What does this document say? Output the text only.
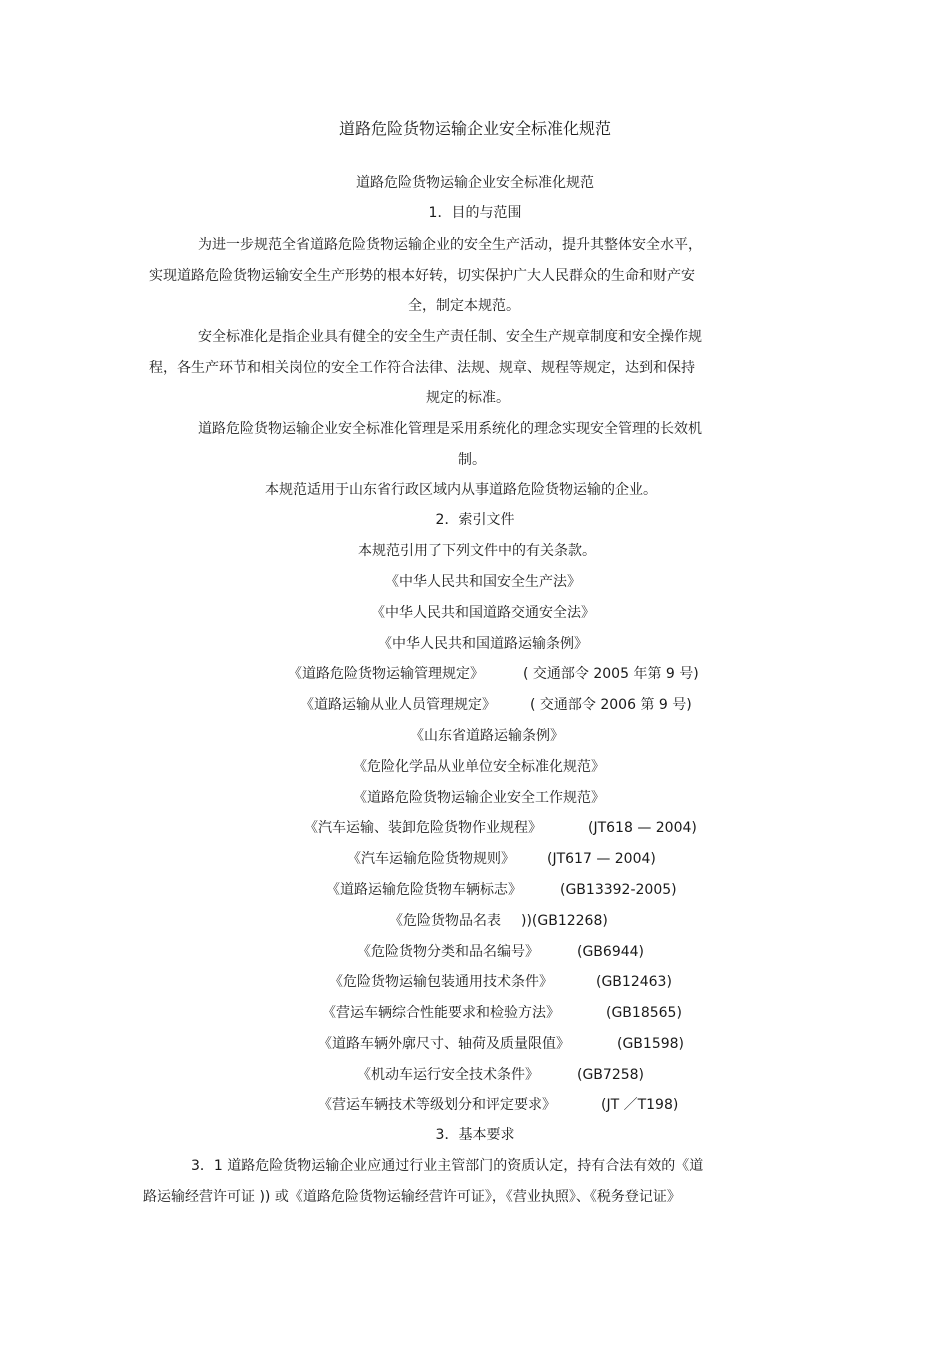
道路危险货物运输企业安全标准化规范
道路危险货物运输企业安全标准化规范
1．目的与范围
为进一步规范全省道路危险货物运输企业的安全生产活动，提升其整体安全水平，
实现道路危险货物运输安全生产形势的根本好转，切实保护广大人民群众的生命和财产安
全，制定本规范。
安全标准化是指企业具有健全的安全生产责任制、安全生产规章制度和安全操作规
程，各生产环节和相关岗位的安全工作符合法律、法规、规章、规程等规定，达到和保持
规定的标准。
道路危险货物运输企业安全标准化管理是采用系统化的理念实现安全管理的长效机
制。
本规范适用于山东省行政区域内从事道路危险货物运输的企业。
2．索引文件
本规范引用了下列文件中的有关条款。
《中华人民共和国安全生产法》
《中华人民共和国道路交通安全法》
《中华人民共和国道路运输条例》
《道路危险货物运输管理规定》	( 交通部令 2005 年第 9 号)
《道路运输从业人员管理规定》 ( 交通部令 2006 第 9 号)
《山东省道路运输条例》
《危险化学品从业单位安全标准化规范》
《道路危险货物运输企业安全工作规范》
《汽车运输、装卸危险货物作业规程》	(JT618 — 2004)
《汽车运输危险货物规则》 (JT617 — 2004)
《道路运输危险货物车辆标志》	(GB13392-2005)
《危险货物品名表 ))(GB12268)
《危险货物分类和品名编号》	(GB6944)
《危险货物运输包装通用技术条件》	(GB12463)
《营运车辆综合性能要求和检验方法》	(GB18565)
《道路车辆外廓尺寸、轴荷及质量限值》	(GB1598)
《机动车运行安全技术条件》	(GB7258)
《营运车辆技术等级划分和评定要求》	(JT ／T198)
3．基本要求
3．1 道路危险货物运输企业应通过行业主管部门的资质认定，持有合法有效的《道
路运输经营许可证 )) 或《道路危险货物运输经营许可证》，《营业执照》、《税务登记证》
